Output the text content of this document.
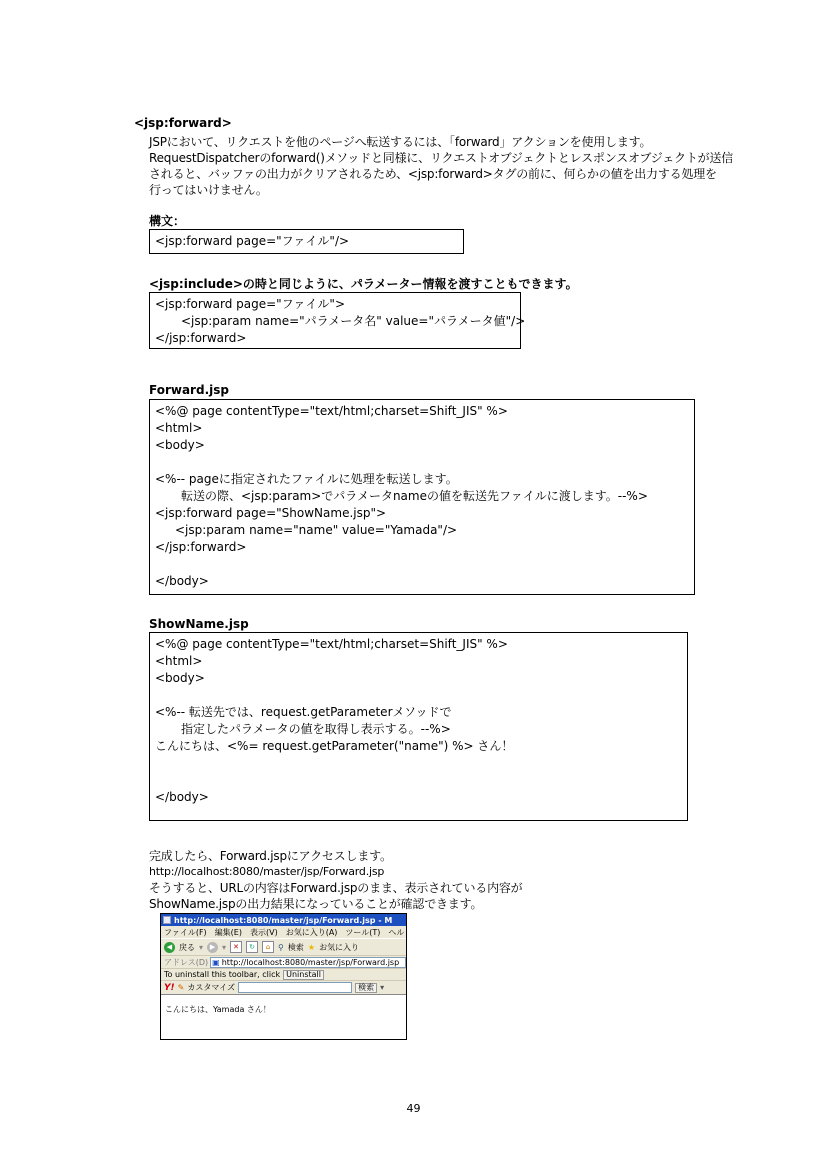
<jsp:forward>
JSPにおいて、リクエストを他のページへ転送するには、「forward」アクションを使用します。
RequestDispatcherのforward()メソッドと同様に、リクエストオブジェクトとレスポンスオブジェクトが送信
されると、バッファの出力がクリアされるため、<jsp:forward>タグの前に、何らかの値を出力する処理を
行ってはいけません。
構文：
<jsp:forward page="ファイル"/>
<jsp:include>の時と同じように、パラメーター情報を渡すこともできます。
<jsp:forward page="ファイル">
<jsp:param name="パラメータ名" value="パラメータ値"/>
</jsp:forward>
Forward.jsp
<%@ page contentType="text/html;charset=Shift_JIS" %>
<html>
<body>
<%-- pageに指定されたファイルに処理を転送します。
転送の際、<jsp:param>でパラメータnameの値を転送先ファイルに渡します。--%>
<jsp:forward page="ShowName.jsp">
<jsp:param name="name" value="Yamada"/>
</jsp:forward>
</body>
ShowName.jsp
<%@ page contentType="text/html;charset=Shift_JIS" %>
<html>
<body>
<%-- 転送先では、request.getParameterメソッドで
指定したパラメータの値を取得し表示する。--%>
こんにちは、<%= request.getParameter("name") %> さん！
</body>
完成したら、Forward.jspにアクセスします。
http://localhost:8080/master/jsp/Forward.jsp
そうすると、URLの内容はForward.jspのまま、表示されている内容が
ShowName.jspの出力結果になっていることが確認できます。
http://localhost:8080/master/jsp/Forward.jsp - M
ファイル(F) 編集(E) 表示(V) お気に入り(A) ツール(T) ヘル
◀ 戻る ▾ ▶ ▾	✕	↻	⌂ ⚲ 検索 ★ お気に入り
アドレス(D) ▣ http://localhost:8080/master/jsp/Forward.jsp
To uninstall this toolbar, click Uninstall
Y! ✎ カスタマイズ	検索 ▾
こんにちは、Yamada さん！
49
